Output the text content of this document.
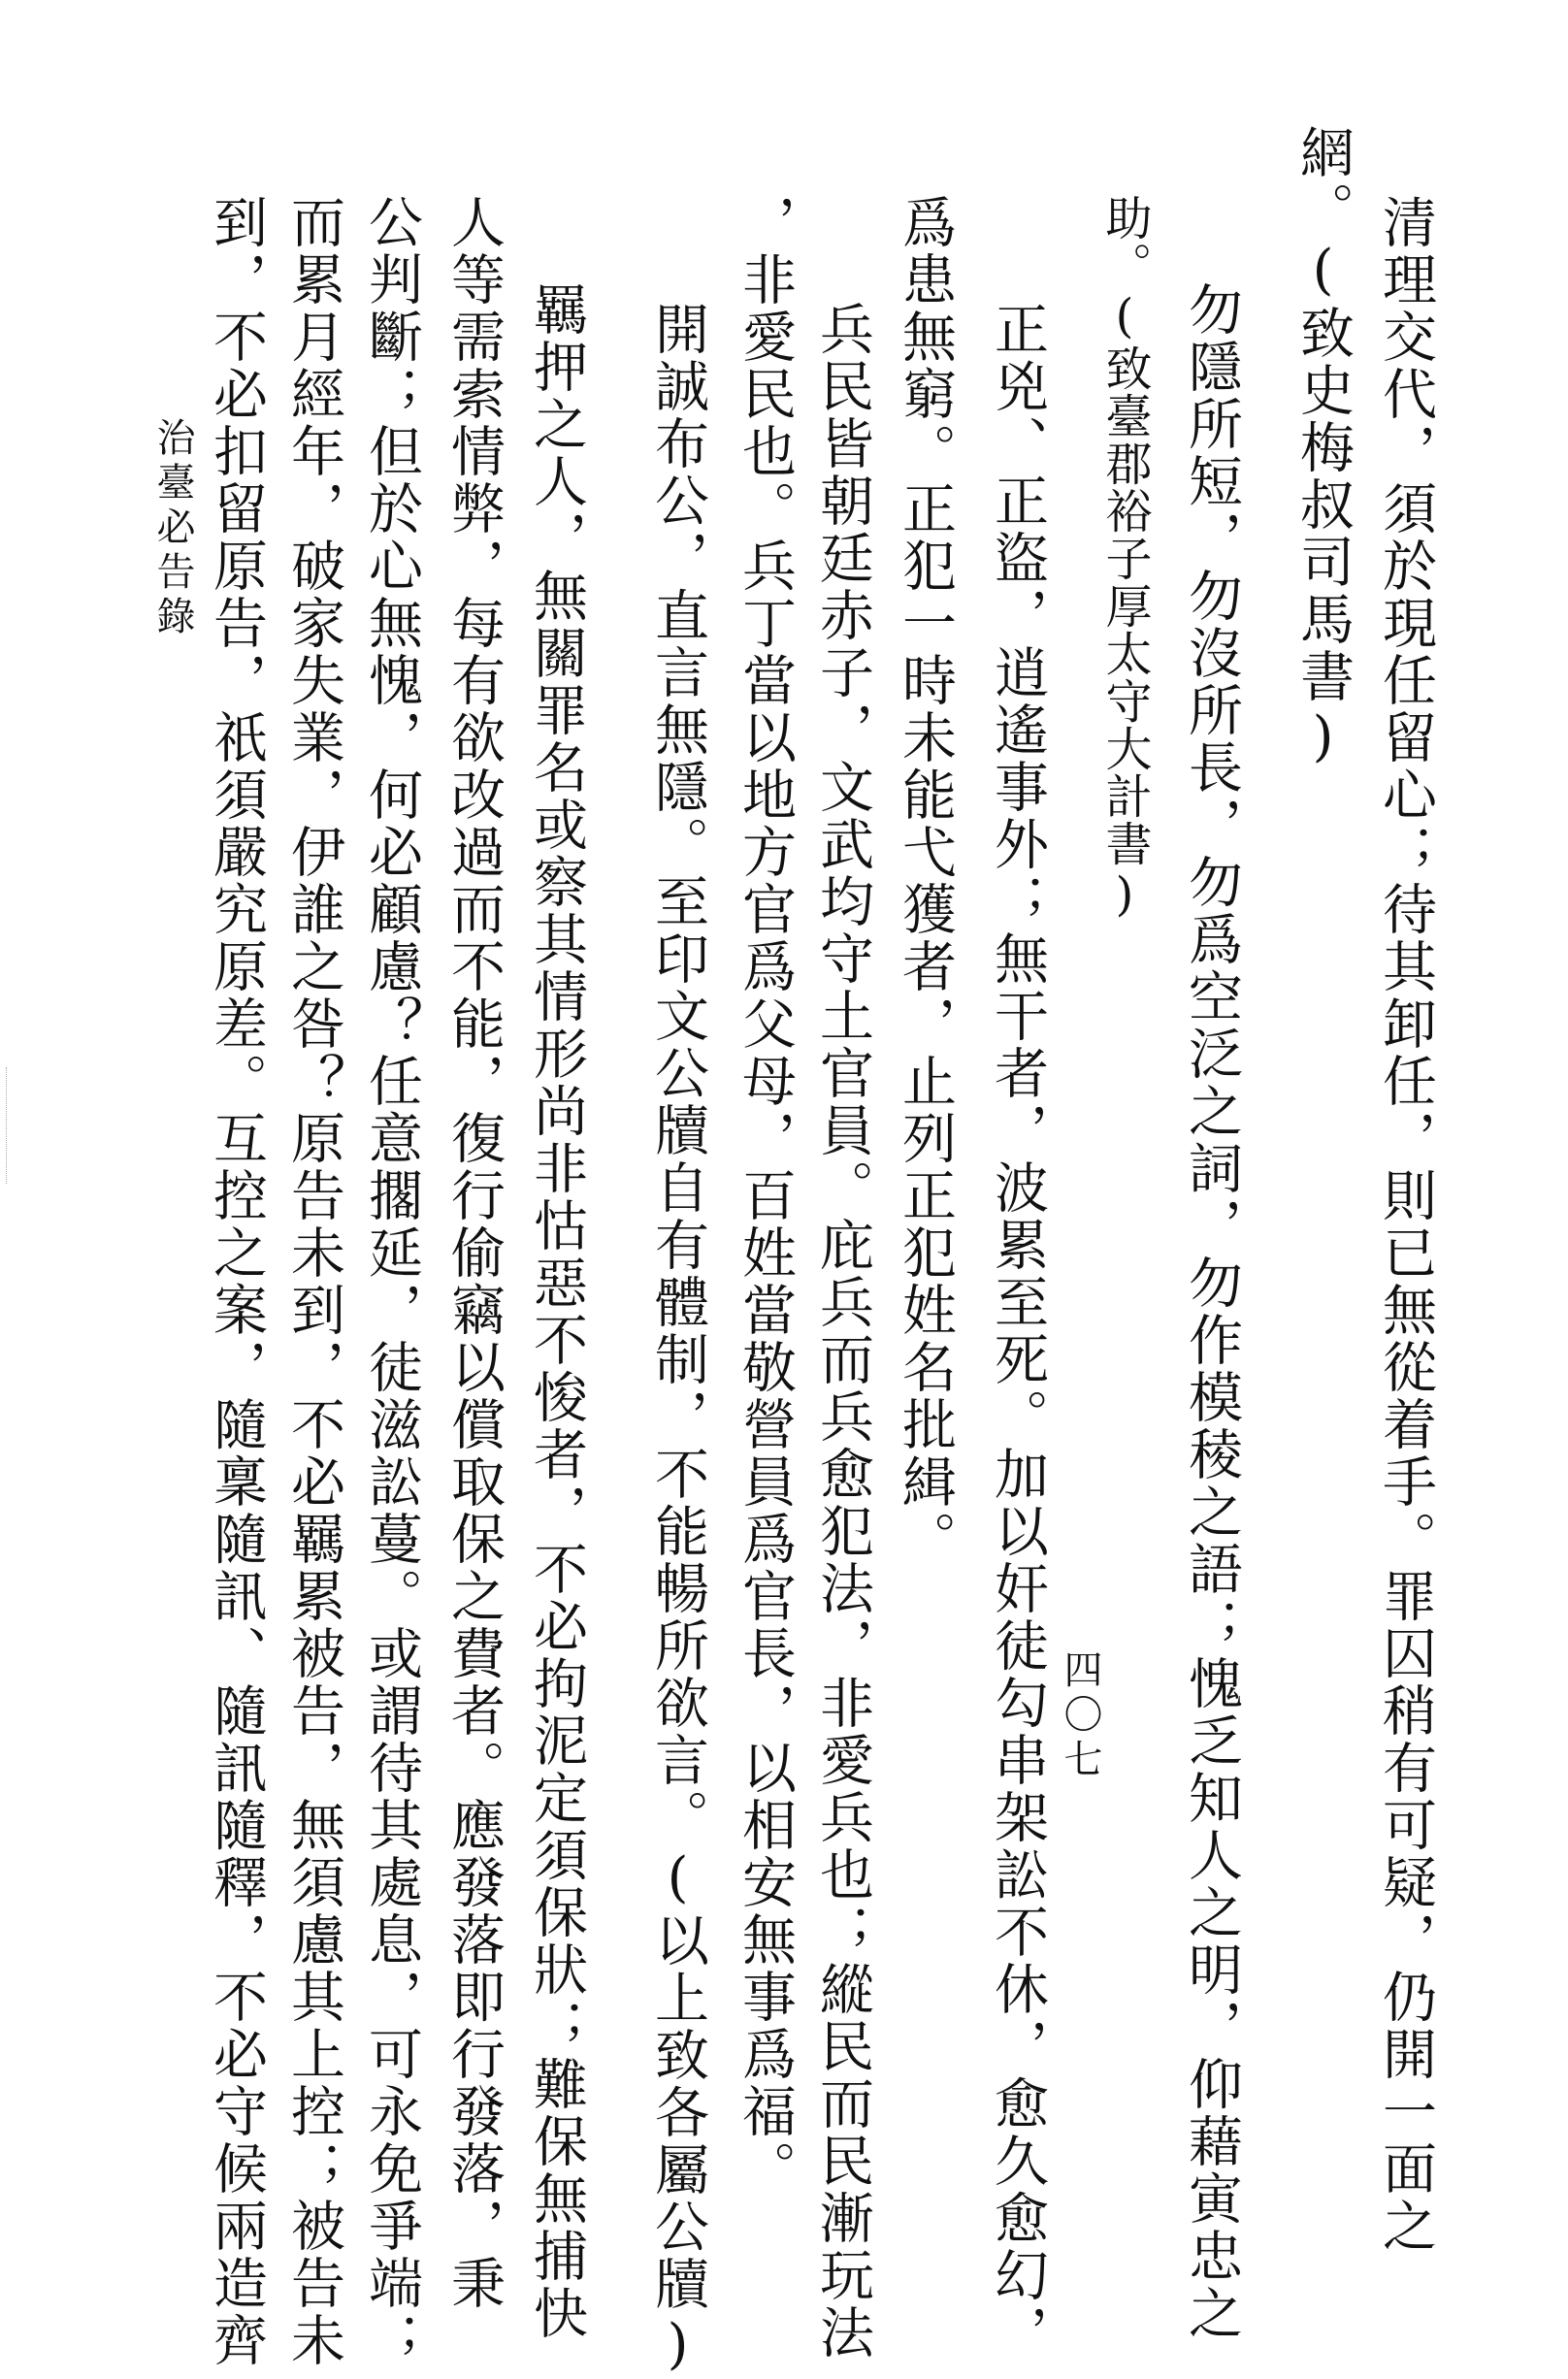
清理交代，須於現任留心；待其卸任，則已無從着手。罪囚稍有可疑，仍開一面之
網。(致史梅叔司馬書)
勿隱所短，勿沒所長，勿爲空泛之詞，勿作模稜之語；愧乏知人之明，仰藉寅忠之
助。(致臺郡裕子厚太守大計書)
正兇、正盜，逍遙事外；無干者，波累至死。加以奸徒勾串架訟不休，愈久愈幻，
爲患無窮。正犯一時未能弋獲者，止列正犯姓名批緝。
兵民皆朝廷赤子，文武均守土官員。庇兵而兵愈犯法，非愛兵也；縱民而民漸玩法
，非愛民也。兵丁當以地方官爲父母，百姓當敬營員爲官長，以相安無事爲福。
開誠布公，直言無隱。至印文公牘自有體制，不能暢所欲言。(以上致各屬公牘)
羈押之人，無關罪名或察其情形尚非怙惡不悛者，不必拘泥定須保狀；難保無捕快
人等需索情弊，每有欲改過而不能，復行偷竊以償取保之費者。應發落即行發落，秉
公判斷；但於心無愧，何必顧慮？任意擱延，徒滋訟蔓。或謂待其處息，可永免爭端；
而累月經年，破家失業，伊誰之咎？原告未到，不必羈累被告，無須慮其上控；被告未
到，不必扣留原告，祇須嚴究原差。互控之案，隨稟隨訊、隨訊隨釋，不必守候兩造齊	四〇七
治臺必告錄
